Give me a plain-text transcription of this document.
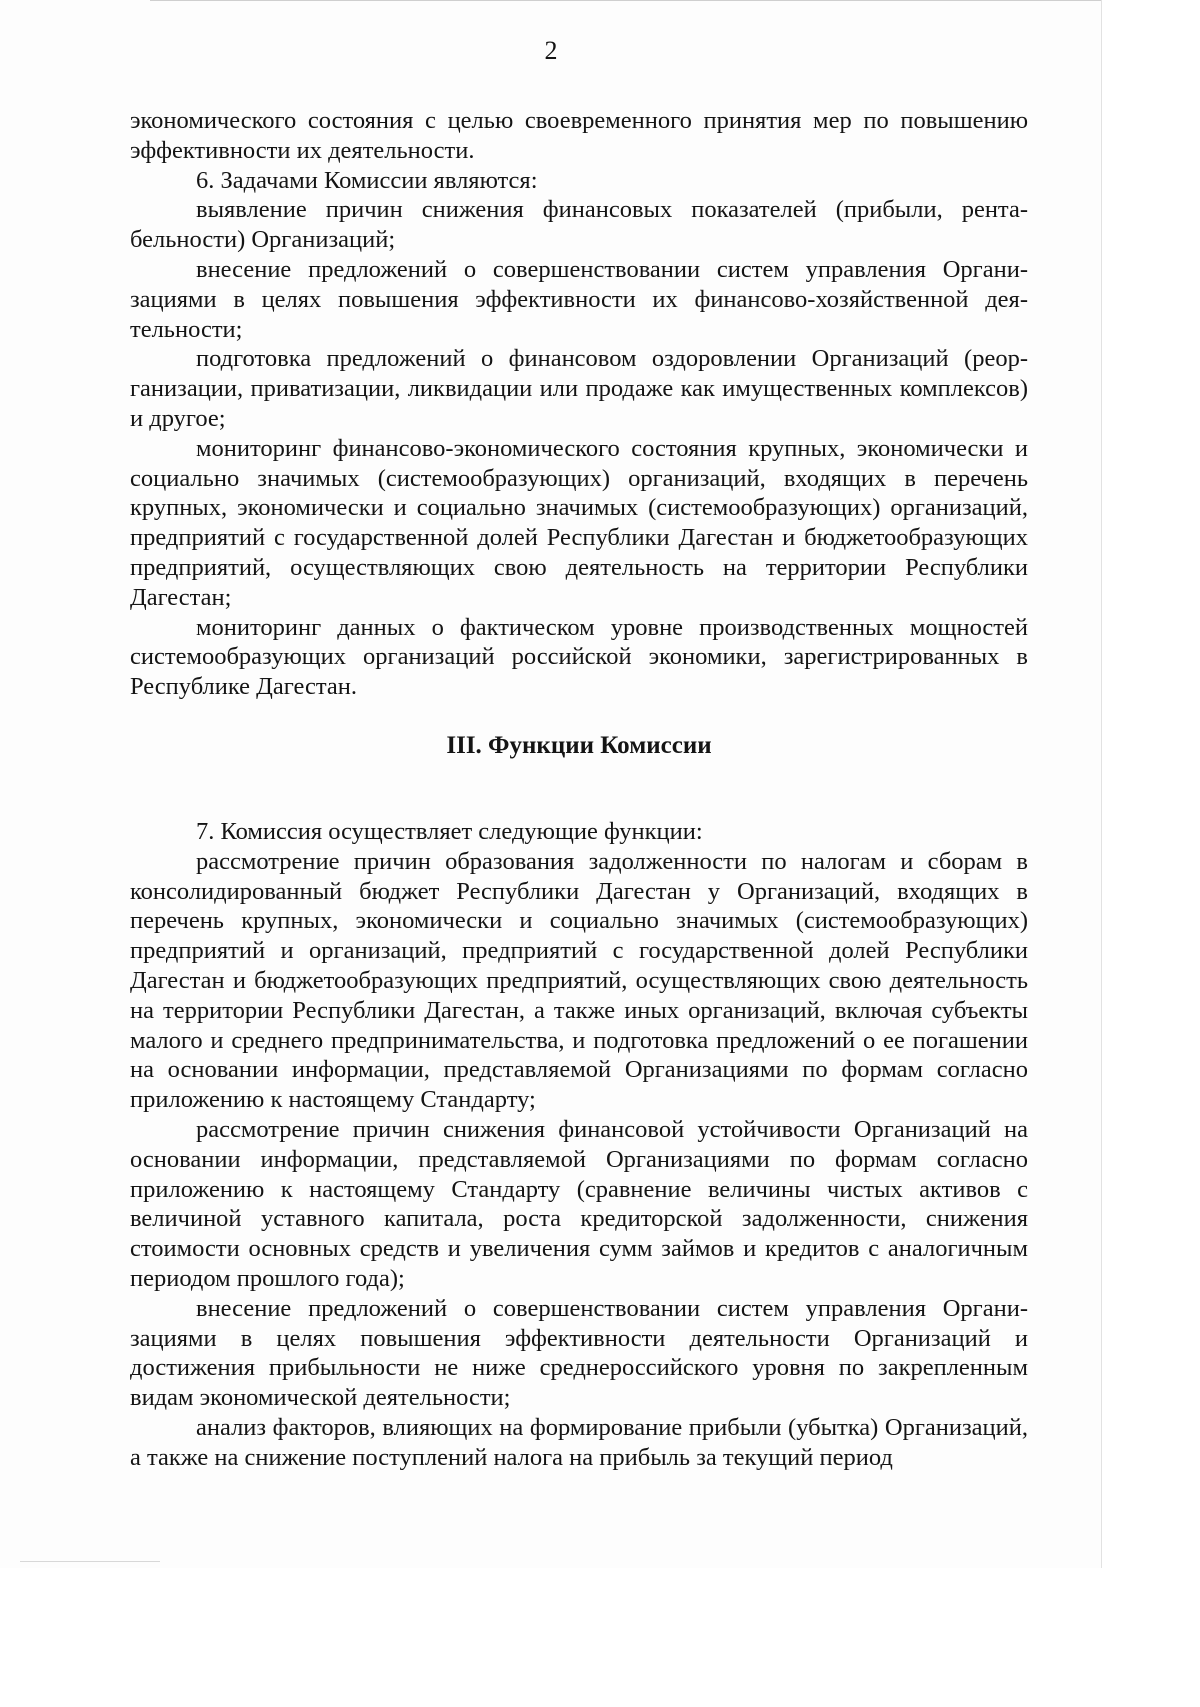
2

экономического состояния с целью своевременного принятия мер по повышению эффективности их деятельности.

6. Задачами Комиссии являются:

выявление причин снижения финансовых показателей (прибыли, рентабельности) Организаций;

внесение предложений о совершенствовании систем управления Организациями в целях повышения эффективности их финансово-хозяйственной деятельности;

подготовка предложений о финансовом оздоровлении Организаций (реорганизации, приватизации, ликвидации или продаже как имущественных комплексов) и другое;

мониторинг финансово-экономического состояния крупных, экономически и социально значимых (системообразующих) организаций, входящих в перечень крупных, экономически и социально значимых (системообразующих) организаций, предприятий с государственной долей Республики Дагестан и бюджетообразующих предприятий, осуществляющих свою деятельность на территории Республики Дагестан;

мониторинг данных о фактическом уровне производственных мощностей системообразующих организаций российской экономики, зарегистрированных в Республике Дагестан.

III. Функции Комиссии

7. Комиссия осуществляет следующие функции:

рассмотрение причин образования задолженности по налогам и сборам в консолидированный бюджет Республики Дагестан у Организаций, входящих в перечень крупных, экономически и социально значимых (системообразующих) предприятий и организаций, предприятий с государственной долей Республики Дагестан и бюджетообразующих предприятий, осуществляющих свою деятельность на территории Республики Дагестан, а также иных организаций, включая субъекты малого и среднего предпринимательства, и подготовка предложений о ее погашении на основании информации, представляемой Организациями по формам согласно приложению к настоящему Стандарту;

рассмотрение причин снижения финансовой устойчивости Организаций на основании информации, представляемой Организациями по формам согласно приложению к настоящему Стандарту (сравнение величины чистых активов с величиной уставного капитала, роста кредиторской задолженности, снижения стоимости основных средств и увеличения сумм займов и кредитов с аналогичным периодом прошлого года);

внесение предложений о совершенствовании систем управления Организациями в целях повышения эффективности деятельности Организаций и достижения прибыльности не ниже среднероссийского уровня по закрепленным видам экономической деятельности;

анализ факторов, влияющих на формирование прибыли (убытка) Организаций, а также на снижение поступлений налога на прибыль за текущий период
